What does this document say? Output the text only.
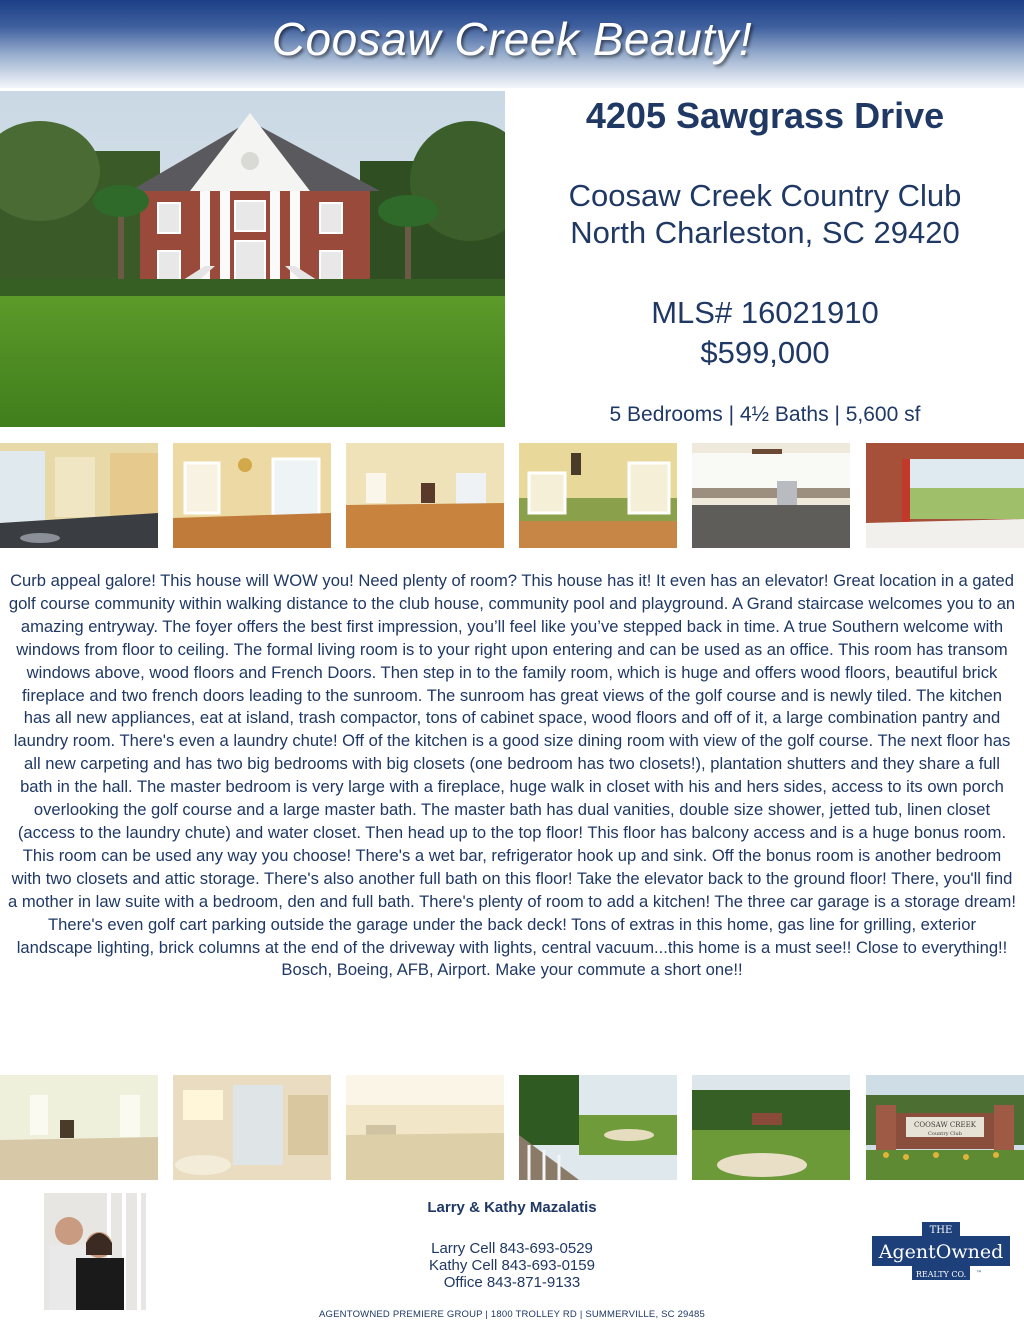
Coosaw Creek Beauty!
4205 Sawgrass Drive
Coosaw Creek Country Club
North Charleston, SC 29420
MLS# 16021910
$599,000
5 Bedrooms | 4½ Baths | 5,600 sf
Curb appeal galore! This house will WOW you! Need plenty of room? This house has it! It even has an elevator! Great location in a gated golf course community within walking distance to the club house, community pool and playground. A Grand staircase welcomes you to an amazing entryway. The foyer offers the best first impression, you’ll feel like you’ve stepped back in time. A true Southern welcome with windows from floor to ceiling. The formal living room is to your right upon entering and can be used as an office. This room has transom windows above, wood floors and French Doors. Then step in to the family room, which is huge and offers wood floors, beautiful brick fireplace and two french doors leading to the sunroom. The sunroom has great views of the golf course and is newly tiled. The kitchen has all new appliances, eat at island, trash compactor, tons of cabinet space, wood floors and off of it, a large combination pantry and laundry room. There's even a laundry chute! Off of the kitchen is a good size dining room with view of the golf course. The next floor has all new carpeting and has two big bedrooms with big closets (one bedroom has two closets!), plantation shutters and they share a full bath in the hall. The master bedroom is very large with a fireplace, huge walk in closet with his and hers sides, access to its own porch overlooking the golf course and a large master bath. The master bath has dual vanities, double size shower, jetted tub, linen closet (access to the laundry chute) and water closet. Then head up to the top floor! This floor has balcony access and is a huge bonus room. This room can be used any way you choose! There's a wet bar, refrigerator hook up and sink. Off the bonus room is another bedroom with two closets and attic storage. There's also another full bath on this floor! Take the elevator back to the ground floor! There, you'll find a mother in law suite with a bedroom, den and full bath. There's plenty of room to add a kitchen! The three car garage is a storage dream! There's even golf cart parking outside the garage under the back deck! Tons of extras in this home, gas line for grilling, exterior landscape lighting, brick columns at the end of the driveway with lights, central vacuum...this home is a must see!! Close to everything!! Bosch, Boeing, AFB, Airport. Make your commute a short one!!
COOSAW CREEK
Country Club
Larry & Kathy Mazalatis
Larry Cell 843-693-0529
Kathy Cell 843-693-0159
Office 843-871-9133
THE
AgentOwned
REALTY CO. ™
AGENTOWNED PREMIERE GROUP | 1800 TROLLEY RD | SUMMERVILLE, SC 29485
